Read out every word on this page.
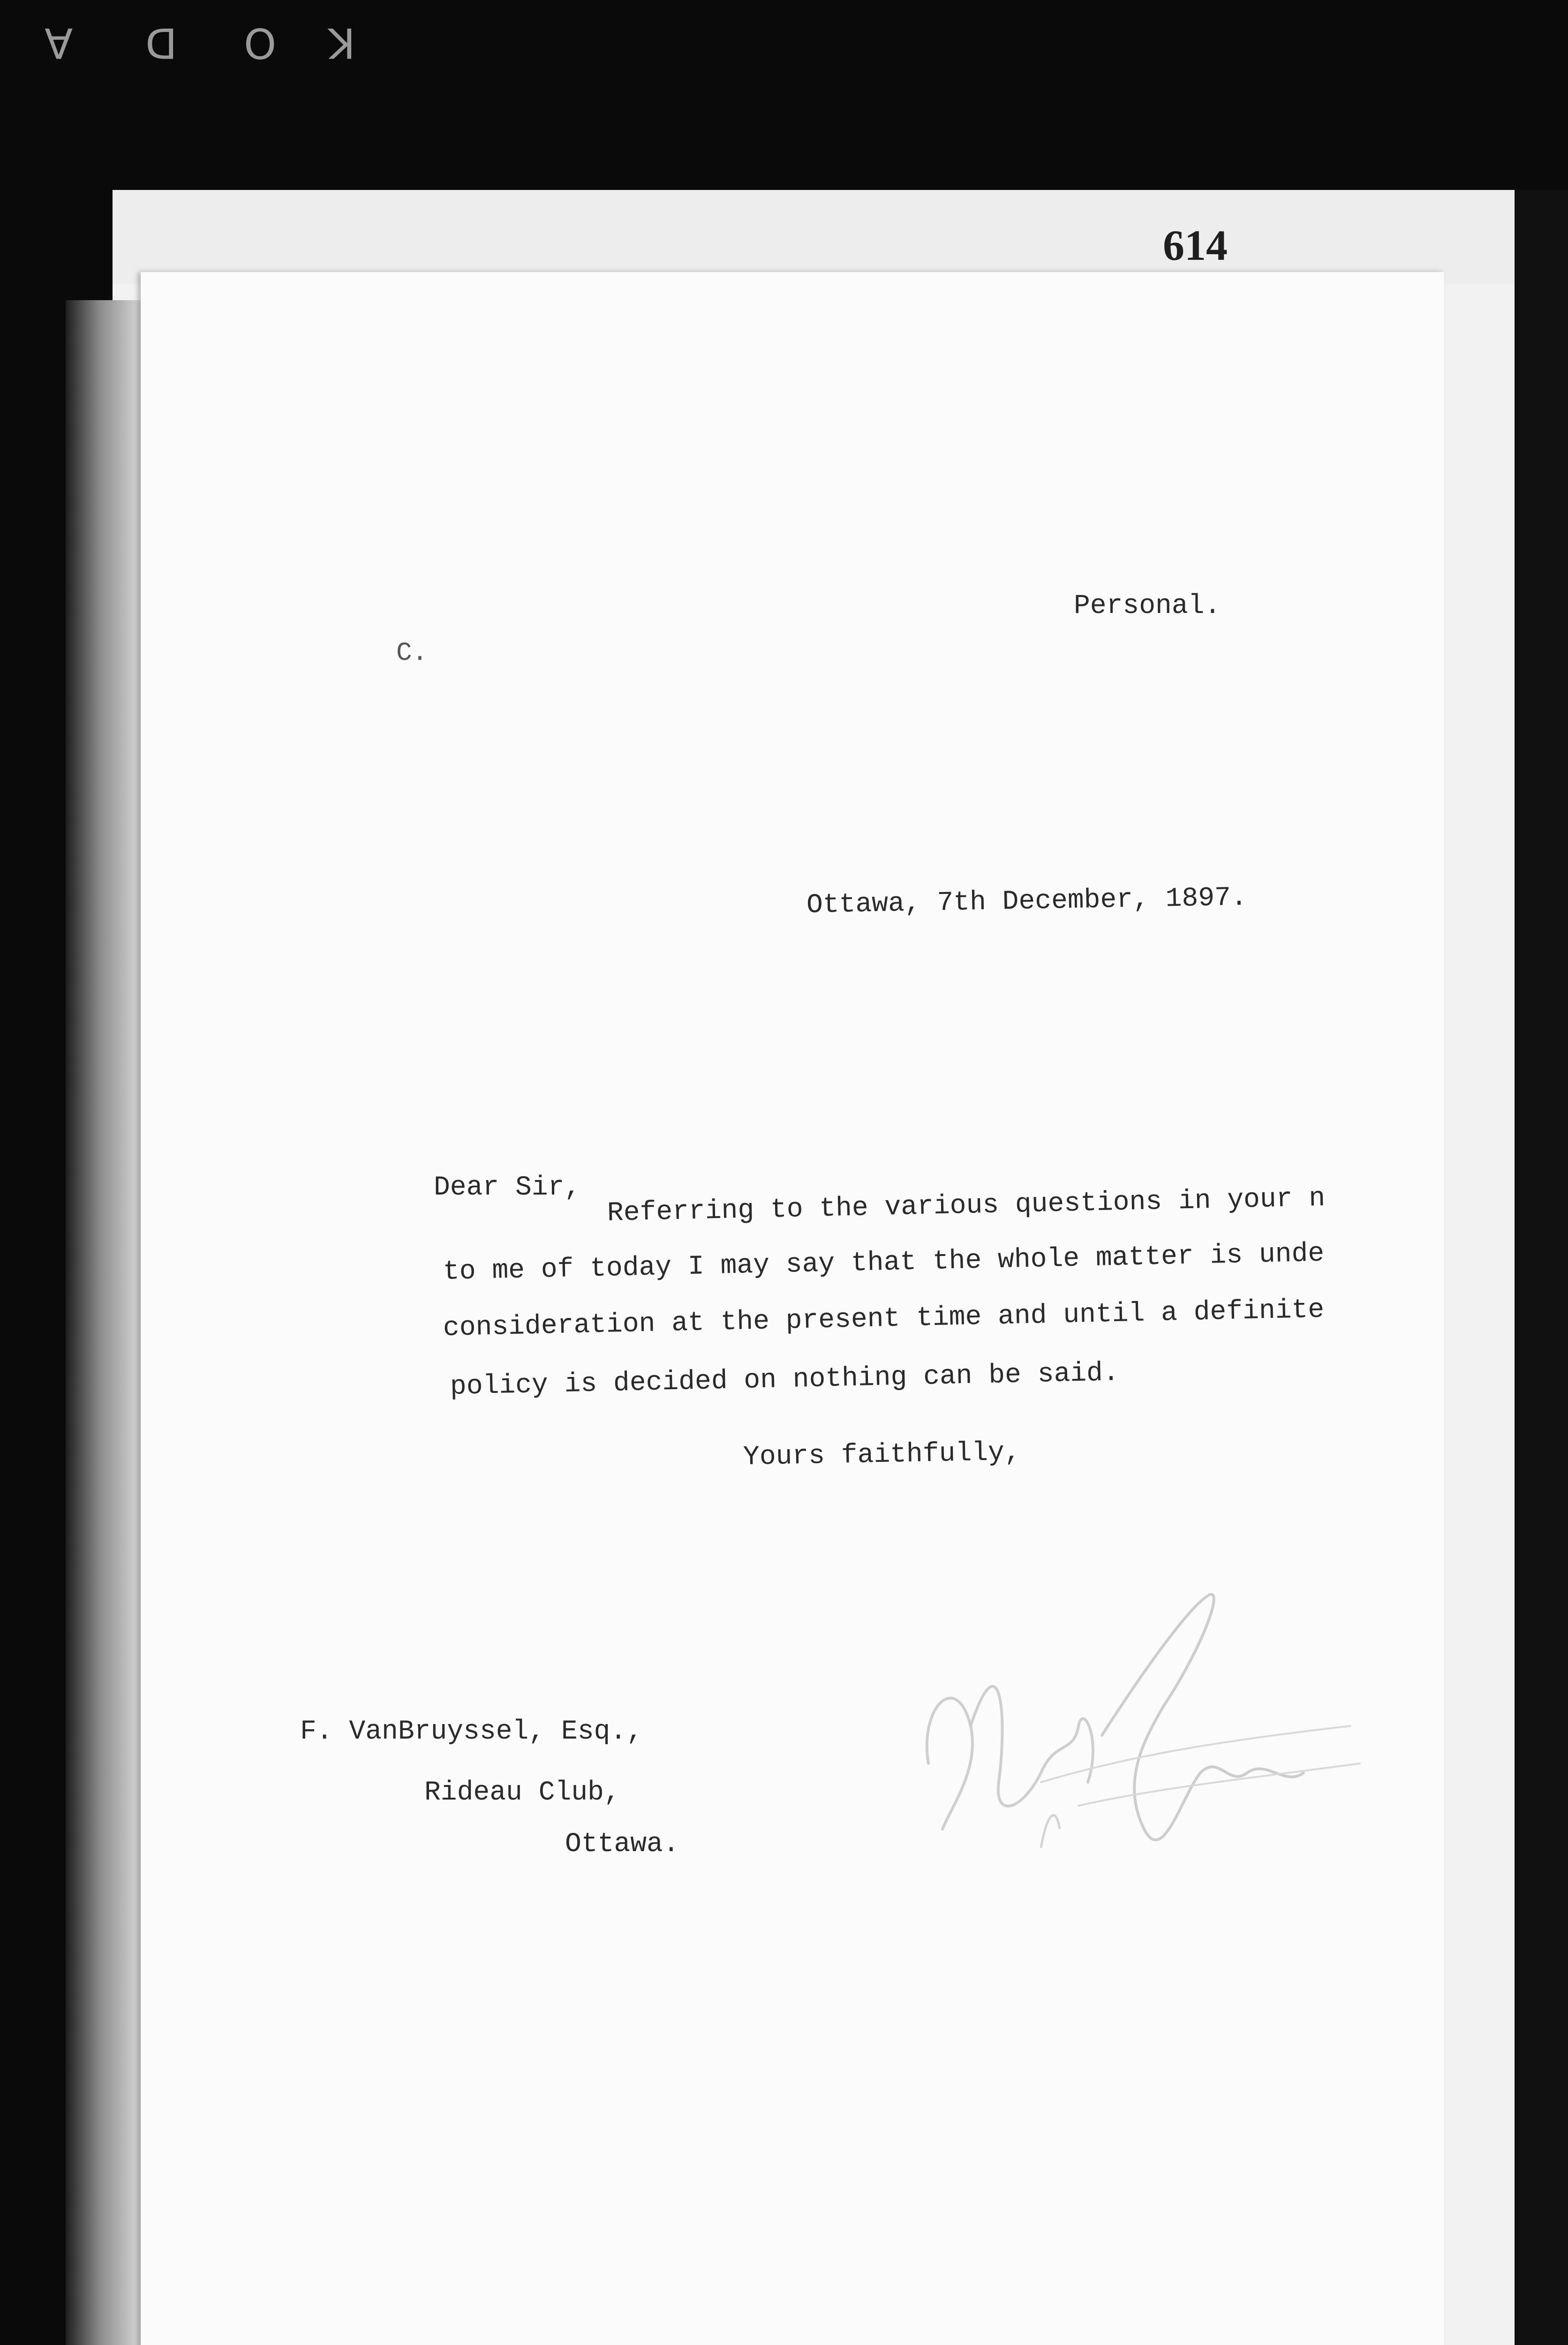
K
O
D
A
614
Personal.
C.
Ottawa, 7th December, 1897.
Dear Sir, Referring to the various questions in your n
to me of today I may say that the whole matter is unde
consideration at the present time and until a definite
policy is decided on nothing can be said.
Yours faithfully,
F. VanBruyssel, Esq.,
Rideau Club,
Ottawa.
